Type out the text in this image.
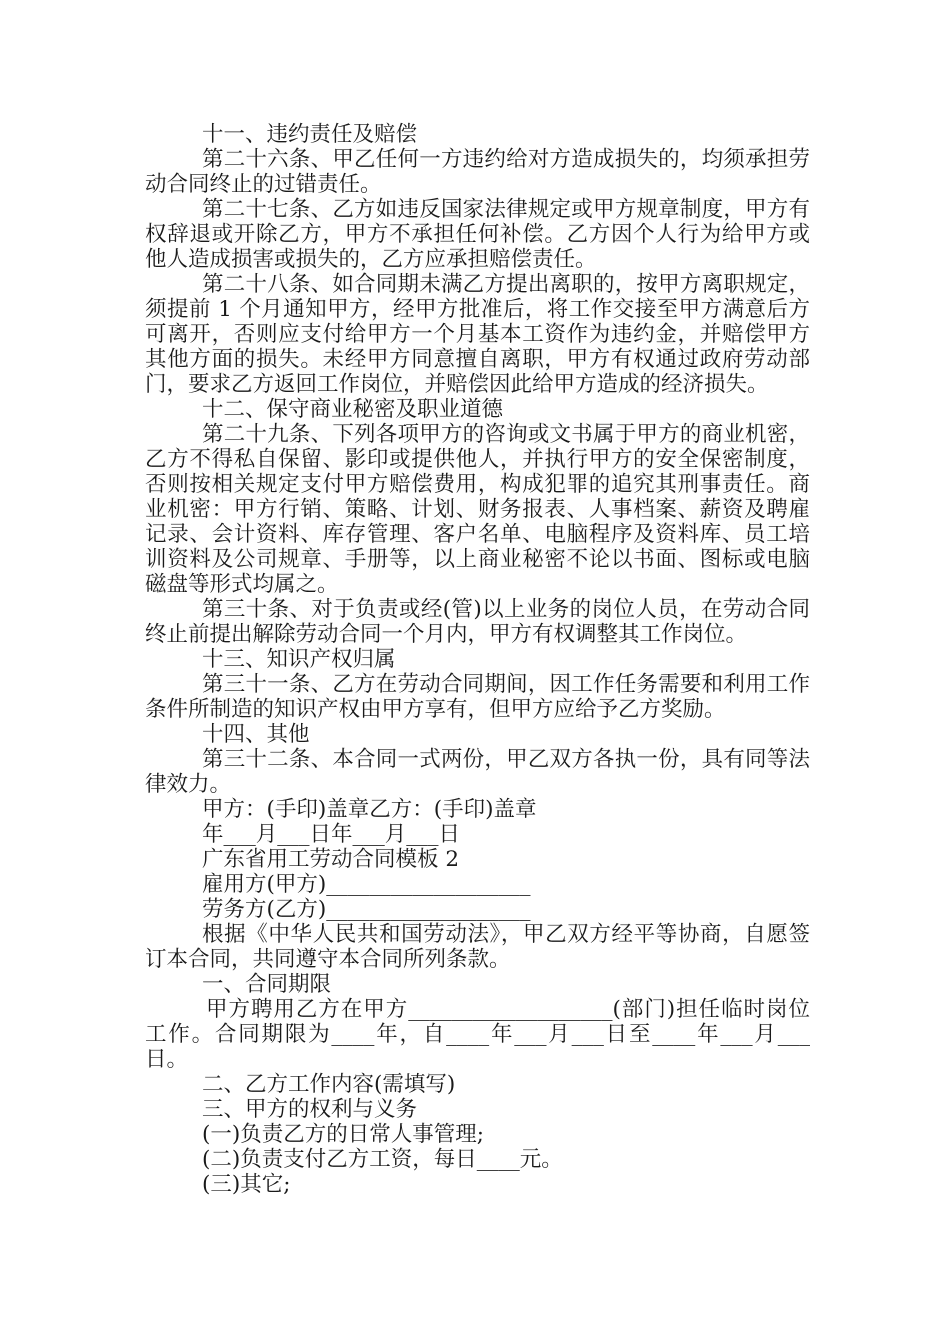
十一、违约责任及赔偿

第二十六条、甲乙任何一方违约给对方造成损失的，均须承担劳动合同终止的过错责任。

第二十七条、乙方如违反国家法律规定或甲方规章制度，甲方有权辞退或开除乙方，甲方不承担任何补偿。乙方因个人行为给甲方或他人造成损害或损失的，乙方应承担赔偿责任。

第二十八条、如合同期未满乙方提出离职的，按甲方离职规定，须提前 1 个月通知甲方，经甲方批准后，将工作交接至甲方满意后方可离开，否则应支付给甲方一个月基本工资作为违约金，并赔偿甲方其他方面的损失。未经甲方同意擅自离职，甲方有权通过政府劳动部门，要求乙方返回工作岗位，并赔偿因此给甲方造成的经济损失。

十二、保守商业秘密及职业道德

第二十九条、下列各项甲方的咨询或文书属于甲方的商业机密，乙方不得私自保留、影印或提供他人，并执行甲方的安全保密制度，否则按相关规定支付甲方赔偿费用，构成犯罪的追究其刑事责任。商业机密：甲方行销、策略、计划、财务报表、人事档案、薪资及聘雇记录、会计资料、库存管理、客户名单、电脑程序及资料库、员工培训资料及公司规章、手册等，以上商业秘密不论以书面、图标或电脑磁盘等形式均属之。

第三十条、对于负责或经(管)以上业务的岗位人员，在劳动合同终止前提出解除劳动合同一个月内，甲方有权调整其工作岗位。

十三、知识产权归属

第三十一条、乙方在劳动合同期间，因工作任务需要和利用工作条件所制造的知识产权由甲方享有，但甲方应给予乙方奖励。

十四、其他

第三十二条、本合同一式两份，甲乙双方各执一份，具有同等法律效力。

甲方：(手印)盖章乙方：(手印)盖章

年___月___日年___月___日

广东省用工劳动合同模板 2

雇用方(甲方)___________________

劳务方(乙方)___________________

根据《中华人民共和国劳动法》，甲乙双方经平等协商，自愿签订本合同，共同遵守本合同所列条款。

一、合同期限

甲方聘用乙方在甲方___________________(部门)担任临时岗位工作。合同期限为____年，自____年___月___日至____年___月___日。

二、乙方工作内容(需填写)

三、甲方的权利与义务

(一)负责乙方的日常人事管理;

(二)负责支付乙方工资，每日____元。

(三)其它;
